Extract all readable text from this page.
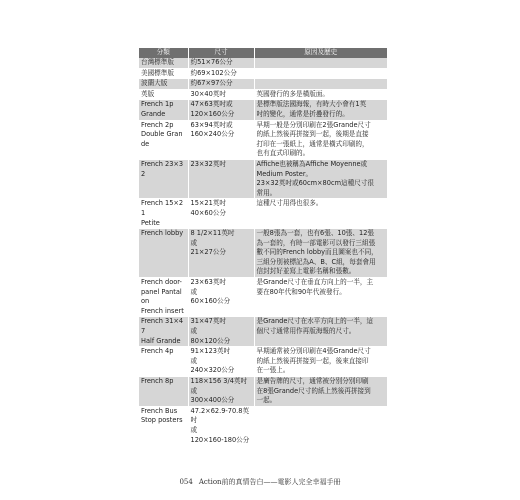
分類	尺寸	原因及歷史
台灣標準版	約51×76公分	
美國標準版	約69×102公分	
波蘭大版	約67×97公分	
英版	30×40英吋	英國發行的多是橫版面。
French 1p
Grande	47×63英吋或
120×160公分	是標準版法國海報，有時大小會有1英
吋的變化，通常是折疊發行的。
French 2p
Double Grande	63×94英吋或
160×240公分	早期一般是分別印刷在2張Grande尺寸
的紙上然後再拼接到一起，後期是直接
打印在一張紙上，通常是橫式印刷的，
也有直式印刷的。
French 23×32	23×32英吋	Affiche也被稱為Affiche Moyenne或
Medium Poster。
23×32英吋或60cm×80cm這種尺寸很
常用。
French 15×21
Petite	15×21英吋
40×60公分	這種尺寸用得也很多。
French lobby	8 1/2×11英吋
或
21×27公分	一般8張為一套，也有6張、10張、12張
為一套的，有時一部電影可以發行三組張
數不同的French lobby而且圖案也不同，
三組分別被標記為A、B、C組，每套會用
信封封好並寫上電影名稱和張數。
French door-
panel Pantalon
French insert	23×63英吋
或
60×160公分	是Grande尺寸在垂直方向上的一半，主
要在80年代和90年代被發行。
French 31×47
Half Grande	31×47英吋
或
80×120公分	是Grande尺寸在水平方向上的一半，這
個尺寸通常用作再版海報的尺寸。
French 4p	91×123英吋
或
240×320公分	早期通常被分別印刷在4張Grande尺寸
的紙上然後再拼接到一起，後來直接印
在一張上。
French 8p	118×156 3/4英吋
或
300×400公分	是廣告牌的尺寸，通常被分別分別印刷
在8張Grande尺寸的紙上然後再拼接到
一起。
French Bus
Stop posters	47.2×62.9-70.8英吋
或
120×160-180公分	
054 Action前的真情告白——電影人完全幸福手冊
